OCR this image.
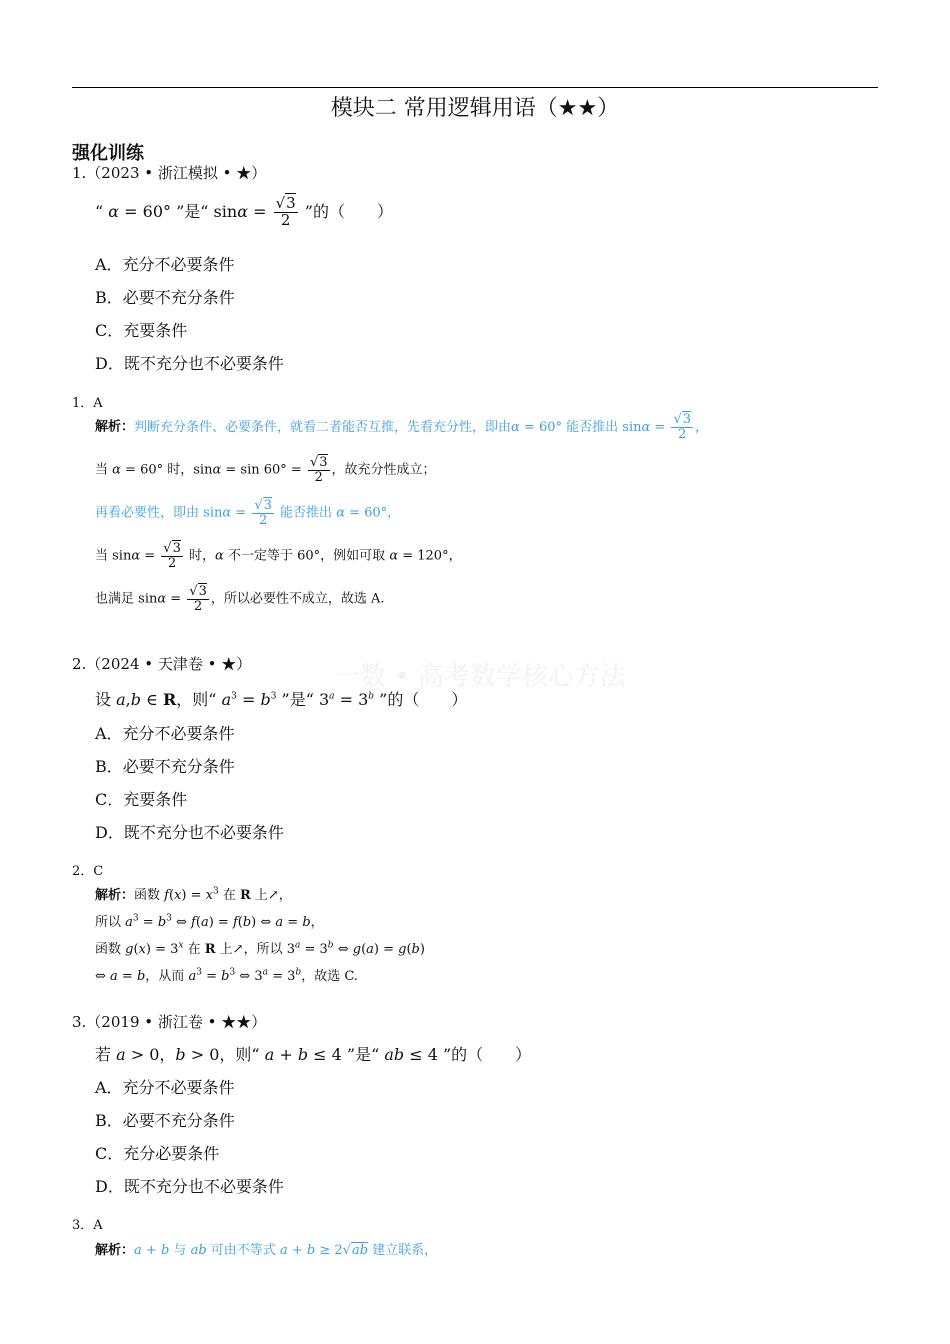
模块二 常用逻辑用语（★★）
强化训练
一数 • 高考数学核心方法
1.（2023 • 浙江模拟 • ★）
“ α = 60° ”是“ $\sin\alpha = \frac{√3}{2}$ ”的（　　）
A．充分不必要条件
B．必要不充分条件
C．充要条件
D．既不充分也不必要条件
1．A
解析：判断充分条件、必要条件，就看二者能否互推，先看充分性，即由α = 60° 能否推出 $\sin\alpha = \frac{√3}{2}$ ，
当 α = 60° 时，$\sin\alpha = \sin 60^\circ = \frac{√3}{2}$ ，故充分性成立；
再看必要性，即由 $\sin\alpha = \frac{√3}{2}$ 能否推出 α = 60°，
当 $\sin\alpha = \frac{√3}{2}$ 时，α 不一定等于 60°，例如可取 α = 120°，
也满足 $\sin\alpha = \frac{√3}{2}$ ，所以必要性不成立，故选 A.
2.（2024 • 天津卷 • ★）
设 a,b ∈ R，则“ $a^3 = b^3$ ”是“ $3^a = 3^b$ ”的（　　）
A．充分不必要条件
B．必要不充分条件
C．充要条件
D．既不充分也不必要条件
2．C
解析：函数 $f(x) = x^3$ 在 R 上↗，
所以 $a^3 = b^3$ ⇔ f(a) = f(b) ⇔ a = b，
函数 $g(x) = 3^x$ 在 R 上↗，所以 $3^a = 3^b$ ⇔ g(a) = g(b)
⇔ a = b，从而 $a^3 = b^3$ ⇔ $3^a = 3^b$，故选 C.
3.（2019 • 浙江卷 • ★★）
若 a > 0，b > 0，则“ a + b ≤ 4 ”是“ ab ≤ 4 ”的（　　）
A．充分不必要条件
B．必要不充分条件
C．充分必要条件
D．既不充分也不必要条件
3．A
解析：a + b 与 ab 可由不等式 a + b ≥ 2√ab 建立联系，
